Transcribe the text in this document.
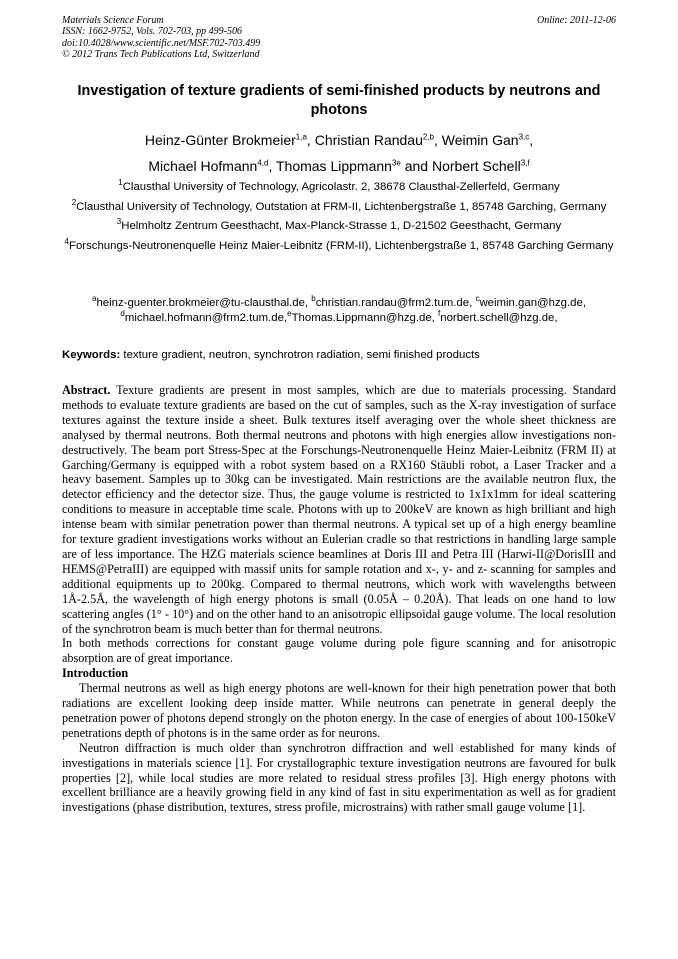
Materials Science Forum
ISSN: 1662-9752, Vols. 702-703, pp 499-506
doi:10.4028/www.scientific.net/MSF.702-703.499
© 2012 Trans Tech Publications Ltd, Switzerland
Online: 2011-12-06
Investigation of texture gradients of semi-finished products by neutrons and photons
Heinz-Günter Brokmeier$^{1,a}$, Christian Randau$^{2,b}$, Weimin Gan$^{3,c}$,
Michael Hofmann$^{4,d}$, Thomas Lippmann$^{3e}$ and Norbert Schell$^{3,f}$
$^1$Clausthal University of Technology, Agricolastr. 2, 38678 Clausthal-Zellerfeld, Germany
$^2$Clausthal University of Technology, Outstation at FRM-II, Lichtenbergstraße 1, 85748 Garching, Germany
$^3$Helmholtz Zentrum Geesthacht, Max-Planck-Strasse 1, D-21502 Geesthacht, Germany
$^4$Forschungs-Neutronenquelle Heinz Maier-Leibnitz (FRM-II), Lichtenbergstraße 1, 85748 Garching Germany
$^a$heinz-guenter.brokmeier@tu-clausthal.de, $^b$christian.randau@frm2.tum.de, $^c$weimin.gan@hzg.de,
$^d$michael.hofmann@frm2.tum.de,$^e$Thomas.Lippmann@hzg.de, $^f$norbert.schell@hzg.de,
Keywords: texture gradient, neutron, synchrotron radiation, semi finished products

Abstract. Texture gradients are present in most samples, which are due to materials processing. Standard methods to evaluate texture gradients are based on the cut of samples, such as the X-ray investigation of surface textures against the texture inside a sheet. Bulk textures itself averaging over the whole sheet thickness are analysed by thermal neutrons. Both thermal neutrons and photons with high energies allow investigations non-destructively. The beam port Stress-Spec at the Forschungs-Neutronenquelle Heinz Maier-Leibnitz (FRM II) at Garching/Germany is equipped with a robot system based on a RX160 Stäubli robot, a Laser Tracker and a heavy basement. Samples up to 30kg can be investigated. Main restrictions are the available neutron flux, the detector efficiency and the detector size. Thus, the gauge volume is restricted to 1x1x1mm for ideal scattering conditions to measure in acceptable time scale. Photons with up to 200keV are known as high brilliant and high intense beam with similar penetration power than thermal neutrons. A typical set up of a high energy beamline for texture gradient investigations works without an Eulerian cradle so that restrictions in handling large sample are of less importance. The HZG materials science beamlines at Doris III and Petra III (Harwi-II@DorisIII and HEMS@PetraIII) are equipped with massif units for sample rotation and x-, y- and z- scanning for samples and additional equipments up to 200kg. Compared to thermal neutrons, which work with wavelengths between 1Å-2.5Å, the wavelength of high energy photons is small (0.05Å – 0.20Å). That leads on one hand to low scattering angles (1° - 10°) and on the other hand to an anisotropic ellipsoidal gauge volume. The local resolution of the synchrotron beam is much better than for thermal neutrons.

In both methods corrections for constant gauge volume during pole figure scanning and for anisotropic absorption are of great importance.

Introduction

Thermal neutrons as well as high energy photons are well-known for their high penetration power that both radiations are excellent looking deep inside matter. While neutrons can penetrate in general deeply the penetration power of photons depend strongly on the photon energy. In the case of energies of about 100-150keV penetrations depth of photons is in the same order as for neurons.

Neutron diffraction is much older than synchrotron diffraction and well established for many kinds of investigations in materials science [1]. For crystallographic texture investigation neutrons are favoured for bulk properties [2], while local studies are more related to residual stress profiles [3]. High energy photons with excellent brilliance are a heavily growing field in any kind of fast in situ experimentation as well as for gradient investigations (phase distribution, textures, stress profile, microstrains) with rather small gauge volume [1].
